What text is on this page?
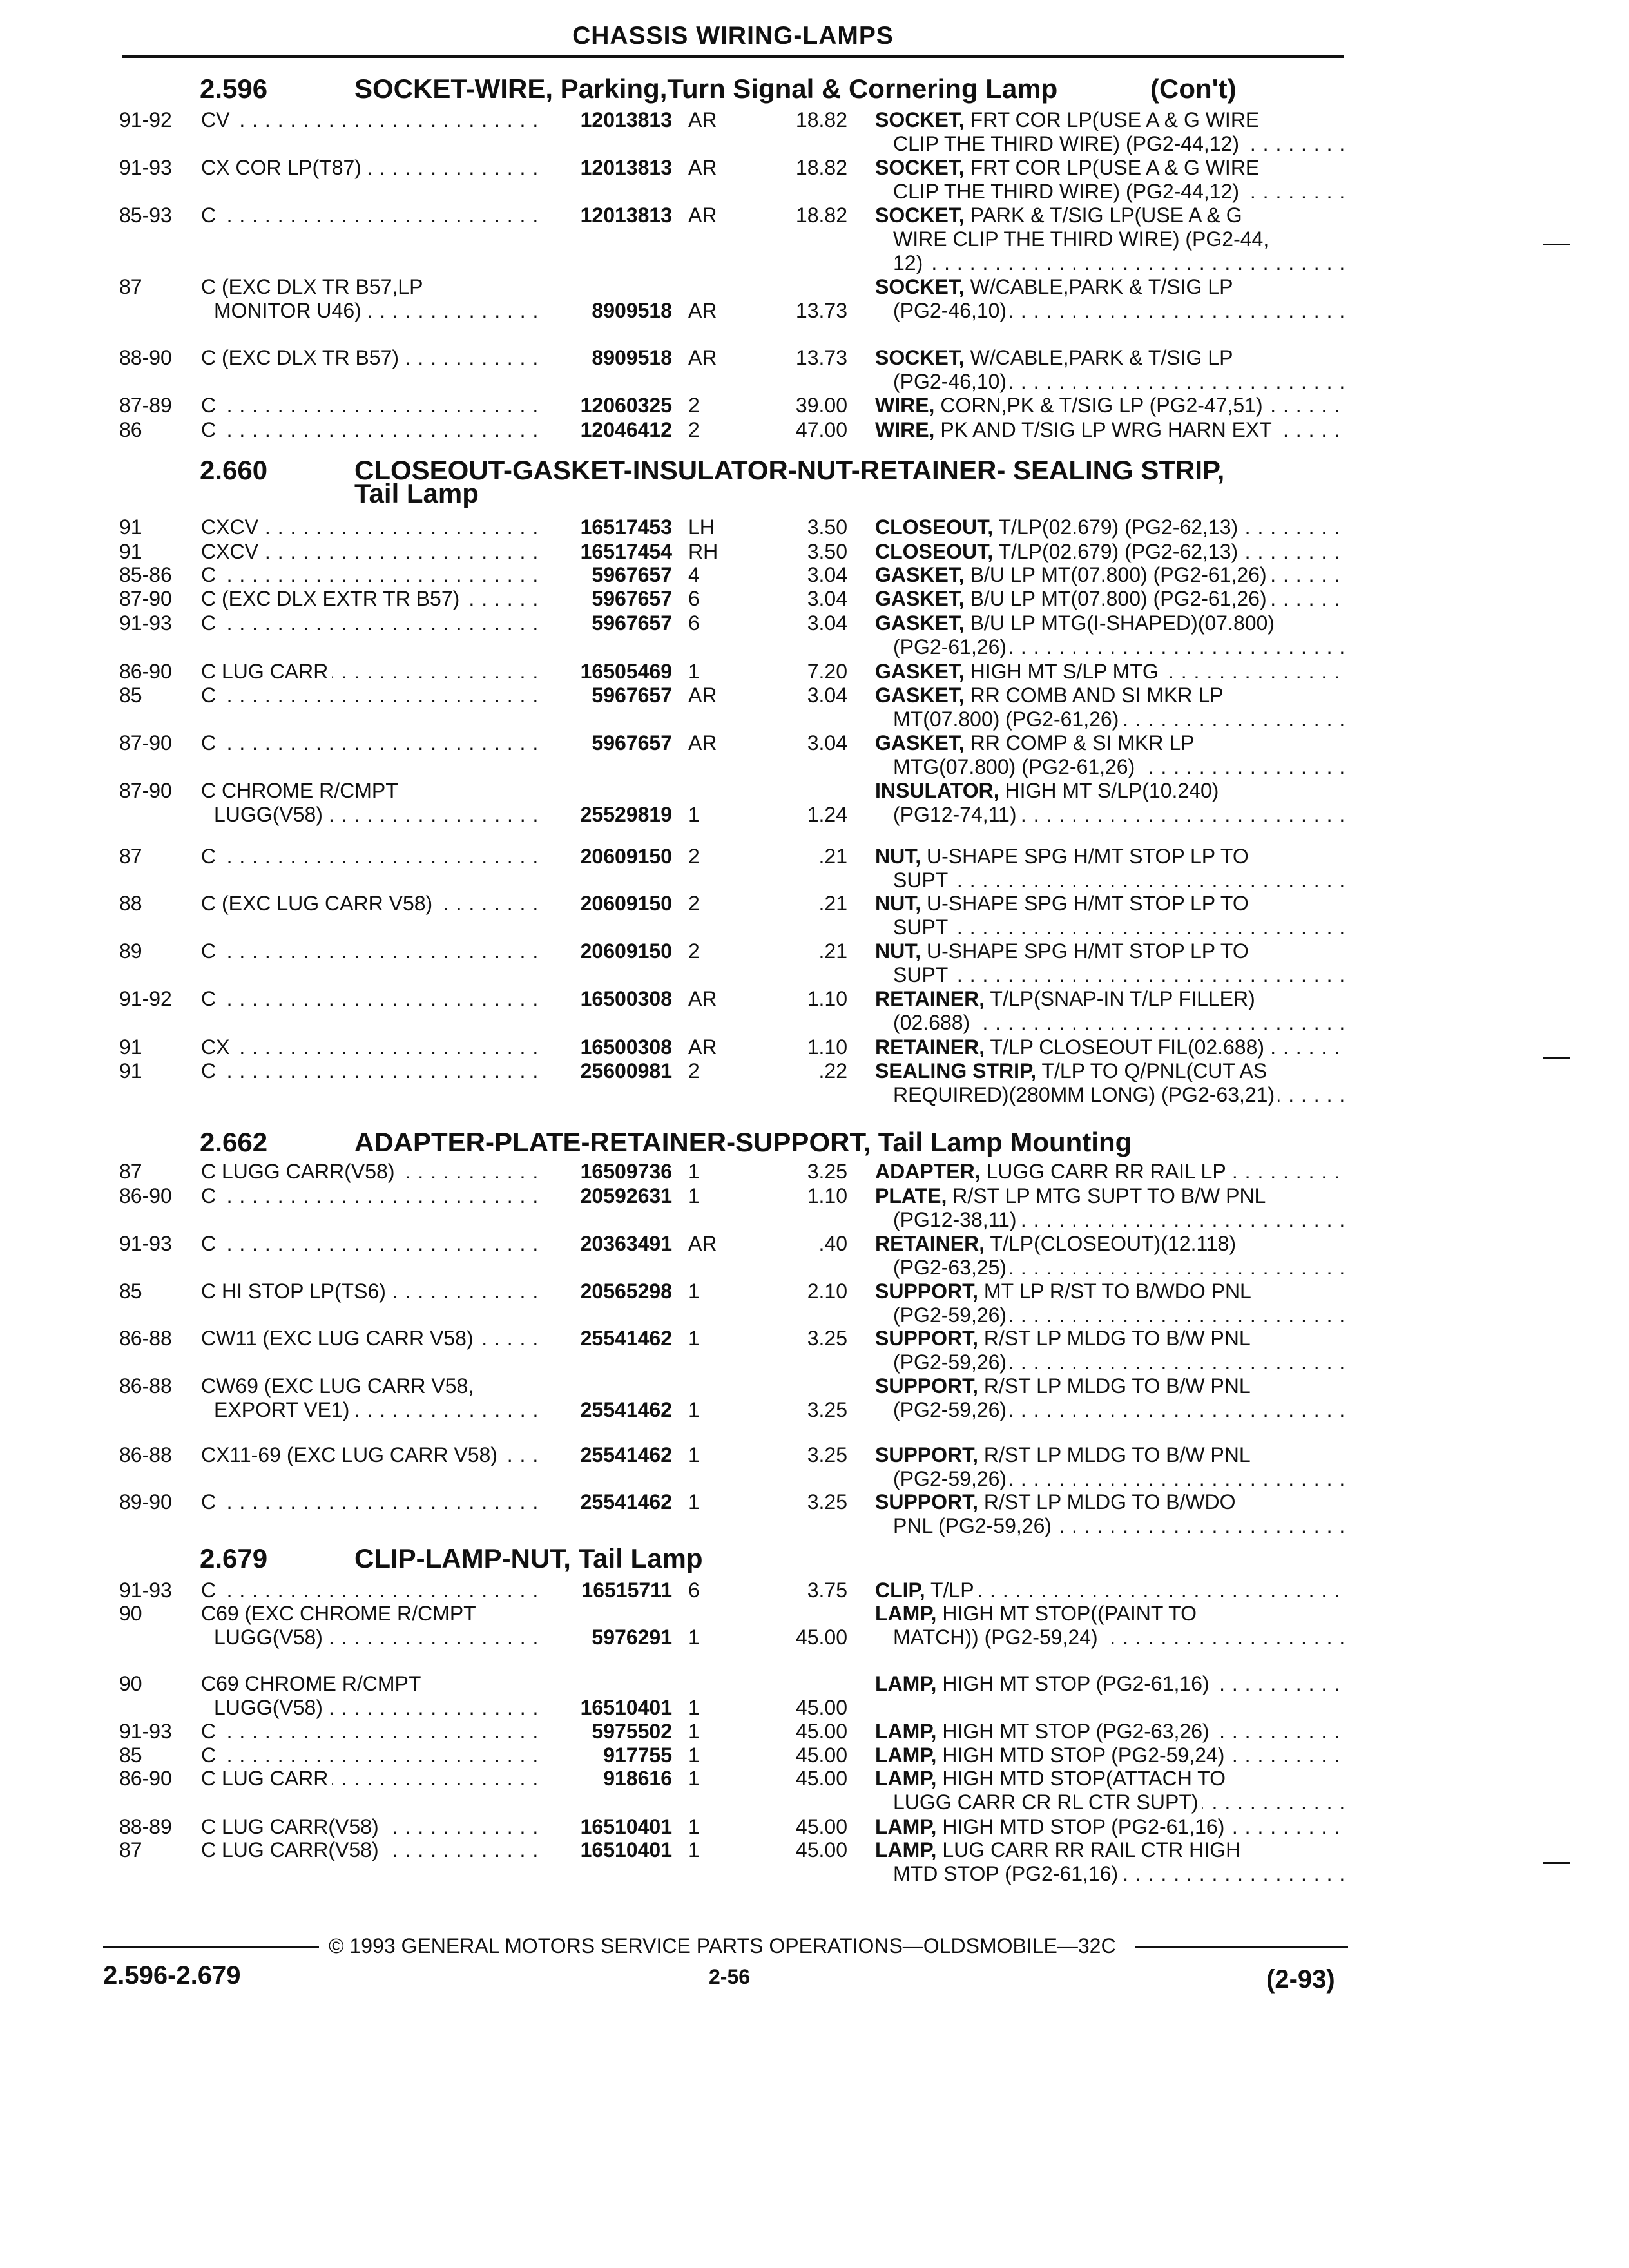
CHASSIS WIRING-LAMPS
2.596	SOCKET-WIRE, Parking,Turn Signal & Cornering Lamp	(Con't)
2.660	CLOSEOUT-GASKET-INSULATOR-NUT-RETAINER- SEALING STRIP,
Tail Lamp
2.662	ADAPTER-PLATE-RETAINER-SUPPORT, Tail Lamp Mounting
2.679	CLIP-LAMP-NUT, Tail Lamp
91-92 . . . CV	12013813 AR	18.82 SOCKET, FRT COR LP(USE A & G WIRE
. . . CLIP THE THIRD WIRE) (PG2-44,12)
91-93 . . . CX COR LP(T87)	12013813 AR	18.82 SOCKET, FRT COR LP(USE A & G WIRE
. . . CLIP THE THIRD WIRE) (PG2-44,12)
85-93 . . . C	12013813 AR	18.82 SOCKET, PARK & T/SIG LP(USE A & G
WIRE CLIP THE THIRD WIRE) (PG2-44,
. . . 12)
87	C (EXC DLX TR B57,LP	SOCKET, W/CABLE,PARK & T/SIG LP
. . . MONITOR U46)	8909518 AR	13.73 . . . (PG2-46,10)
88-90 . . . C (EXC DLX TR B57)	8909518 AR	13.73 SOCKET, W/CABLE,PARK & T/SIG LP
. . . (PG2-46,10)
87-89 . . . C	12060325 2	39.00 . . . WIRE, CORN,PK & T/SIG LP (PG2-47,51)
86	. . . C	12046412 2	47.00 . . . WIRE, PK AND T/SIG LP WRG HARN EXT
91	. . . CXCV	16517453 LH	3.50 . . . CLOSEOUT, T/LP(02.679) (PG2-62,13)
91	. . . CXCV	16517454 RH	3.50 . . . CLOSEOUT, T/LP(02.679) (PG2-62,13)
85-86 . . . C	5967657 4	3.04 . . . GASKET, B/U LP MT(07.800) (PG2-61,26)
87-90 . . . C (EXC DLX EXTR TR B57)	5967657 6	3.04 . . . GASKET, B/U LP MT(07.800) (PG2-61,26)
91-93 . . . C	5967657 6	3.04 GASKET, B/U LP MTG(I-SHAPED)(07.800)
. . . (PG2-61,26)
86-90 . . . C LUG CARR	16505469 1	7.20 . . . GASKET, HIGH MT S/LP MTG
85	. . . C	5967657 AR	3.04 GASKET, RR COMB AND SI MKR LP
. . . MT(07.800) (PG2-61,26)
87-90 . . . C	5967657 AR	3.04 GASKET, RR COMP & SI MKR LP
. . . MTG(07.800) (PG2-61,26)
87-90 C CHROME R/CMPT	INSULATOR, HIGH MT S/LP(10.240)
. . . LUGG(V58)	25529819 1	1.24 . . . (PG12-74,11)
87	. . . C	20609150 2	.21 NUT, U-SHAPE SPG H/MT STOP LP TO
. . . SUPT
88	. . . C (EXC LUG CARR V58)	20609150 2	.21 NUT, U-SHAPE SPG H/MT STOP LP TO
. . . SUPT
89	. . . C	20609150 2	.21 NUT, U-SHAPE SPG H/MT STOP LP TO
. . . SUPT
91-92 . . . C	16500308 AR	1.10 RETAINER, T/LP(SNAP-IN T/LP FILLER)
. . . (02.688)
91	. . . CX	16500308 AR	1.10 . . . RETAINER, T/LP CLOSEOUT FIL(02.688)
91	. . . C	25600981 2	.22 SEALING STRIP, T/LP TO Q/PNL(CUT AS
. . . REQUIRED)(280MM LONG) (PG2-63,21)
87	. . . C LUGG CARR(V58)	16509736 1	3.25 . . . ADAPTER, LUGG CARR RR RAIL LP
86-90 . . . C	20592631 1	1.10 PLATE, R/ST LP MTG SUPT TO B/W PNL
. . . (PG12-38,11)
91-93 . . . C	20363491 AR	.40 RETAINER, T/LP(CLOSEOUT)(12.118)
. . . (PG2-63,25)
85	. . . C HI STOP LP(TS6)	20565298 1	2.10 SUPPORT, MT LP R/ST TO B/WDO PNL
. . . (PG2-59,26)
86-88 . . . CW11 (EXC LUG CARR V58)	25541462 1	3.25 SUPPORT, R/ST LP MLDG TO B/W PNL
. . . (PG2-59,26)
86-88 CW69 (EXC LUG CARR V58,	SUPPORT, R/ST LP MLDG TO B/W PNL
. . . EXPORT VE1)	25541462 1	3.25 . . . (PG2-59,26)
86-88 . . . CX11-69 (EXC LUG CARR V58)	25541462 1	3.25 SUPPORT, R/ST LP MLDG TO B/W PNL
. . . (PG2-59,26)
89-90 . . . C	25541462 1	3.25 SUPPORT, R/ST LP MLDG TO B/WDO
. . . PNL (PG2-59,26)
91-93 . . . C	16515711 6	3.75 . . . CLIP, T/LP
90	C69 (EXC CHROME R/CMPT	LAMP, HIGH MT STOP((PAINT TO
. . . LUGG(V58)	5976291 1	45.00 . . . MATCH)) (PG2-59,24)
90	C69 CHROME R/CMPT	. . . LAMP, HIGH MT STOP (PG2-61,16)
. . . LUGG(V58)	16510401 1	45.00
91-93 . . . C	5975502 1	45.00 . . . LAMP, HIGH MT STOP (PG2-63,26)
85	. . . C	917755 1	45.00 . . . LAMP, HIGH MTD STOP (PG2-59,24)
86-90 . . . C LUG CARR	918616 1	45.00 LAMP, HIGH MTD STOP(ATTACH TO
. . . LUGG CARR CR RL CTR SUPT)
88-89 . . . C LUG CARR(V58)	16510401 1	45.00 . . . LAMP, HIGH MTD STOP (PG2-61,16)
87	. . . C LUG CARR(V58)	16510401 1	45.00 LAMP, LUG CARR RR RAIL CTR HIGH
. . . MTD STOP (PG2-61,16)
© 1993 GENERAL MOTORS SERVICE PARTS OPERATIONS—OLDSMOBILE—32C
2.596-2.679	2-56	(2-93)
